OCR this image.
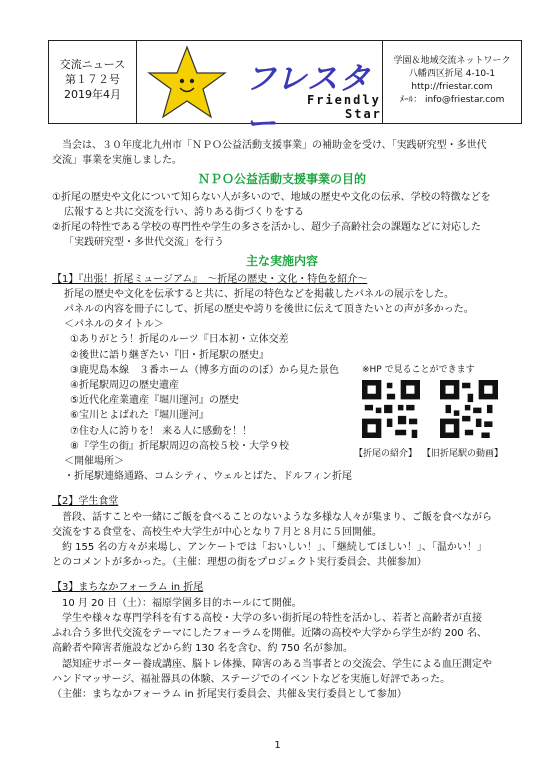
交流ニュース
第１７２号
2019年4月	フレスター
Friendly
Star
学園＆地域交流ネットワーク
八幡西区折尾 4-10-1
http://friestar.com
ﾒｰﾙ： info@friestar.com

当会は、３０年度北九州市「ＮＰＯ公益活動支援事業」の補助金を受け、「実践研究型・多世代

交流」事業を実施しました。

ＮＰＯ公益活動支援事業の目的

①折尾の歴史や文化について知らない人が多いので、地域の歴史や文化の伝承、学校の特徴などを

広報すると共に交流を行い、誇りある街づくりをする

②折尾の特性である学校の専門性や学生の多さを活かし、超少子高齢社会の課題などに対応した

「実践研究型・多世代交流」を行う

主な実施内容

【1】『出張！折尾ミュージアム』　～折尾の歴史・文化・特色を紹介～

折尾の歴史や文化を伝承すると共に、折尾の特色などを掲載したパネルの展示をした。

パネルの内容を冊子にして、折尾の歴史や誇りを後世に伝えて頂きたいとの声が多かった。

＜パネルのタイトル＞

①ありがとう！折尾のルーツ『日本初・立体交差

②後世に語り継ぎたい『旧・折尾駅の歴史』

③鹿児島本線　３番ホーム（博多方面ののぼ）から見た景色

④折尾駅周辺の歴史遺産

⑤近代化産業遺産『堀川運河』の歴史

⑥宝川とよばれた『堀川運河』

⑦住む人に誇りを！ 来る人に感動を！！

⑧『学生の街』折尾駅周辺の高校５校・大学９校

＜開催場所＞

・折尾駅連絡通路、コムシティ、ウェルとばた、ドルフィン折尾

【2】学生食堂

普段、話すことや一緒にご飯を食べることのないような多様な人々が集まり、ご飯を食べながら

交流をする食堂を、高校生や大学生が中心となり７月と８月に５回開催。

約 155 名の方々が来場し、アンケートでは「おいしい！」、「継続してほしい！」、「温かい！」

とのコメントが多かった。（主催：理想の街をプロジェクト実行委員会、共催参加）

【3】まちなかフォーラム in 折尾

10 月 20 日（土）：福原学園多目的ホールにて開催。

学生や様々な専門学科を有する高校・大学の多い街折尾の特性を活かし、若者と高齢者が直接

ふれ合う多世代交流をテーマにしたフォーラムを開催。近隣の高校や大学から学生が約 200 名、

高齢者や障害者施設などから約 130 名を含む、約 750 名が参加。

認知症サポーター養成講座、脳トレ体操、障害のある当事者との交流会、学生による血圧測定や

ハンドマッサージ、福祉器具の体験、ステージでのイベントなどを実施し好評であった。

（主催：まちなかフォーラム in 折尾実行委員会、共催＆実行委員として参加）

※HP で見ることができます
【折尾の紹介】 【旧折尾駅の動画】
1
